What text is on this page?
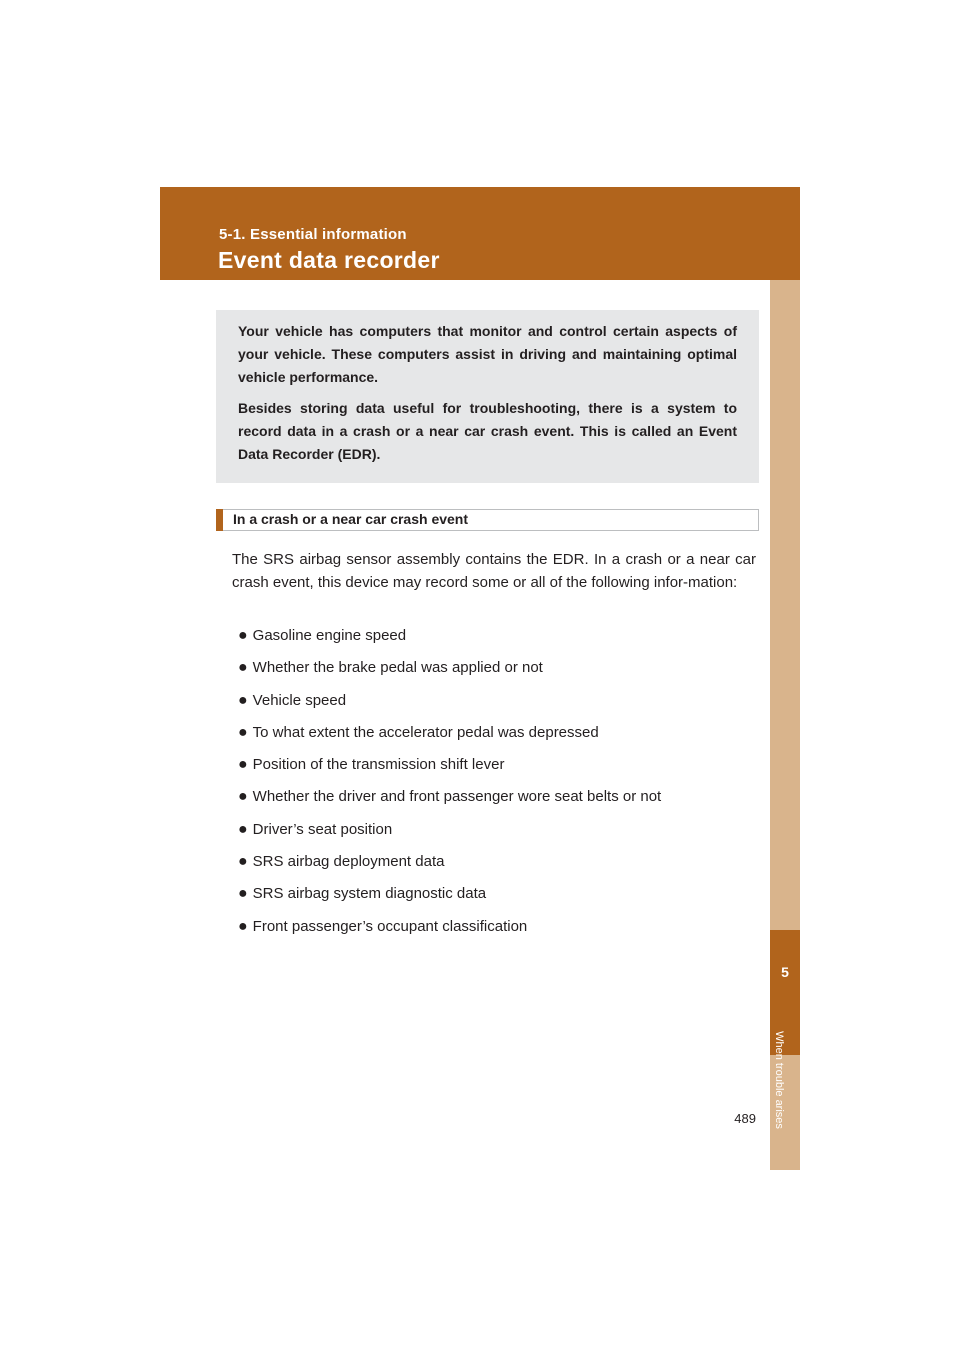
5-1. Essential information
Event data recorder
5
When trouble arises

Your vehicle has computers that monitor and control certain aspects of your vehicle. These computers assist in driving and maintaining optimal vehicle performance.

Besides storing data useful for troubleshooting, there is a system to record data in a crash or a near car crash event. This is called an Event Data Recorder (EDR).

In a crash or a near car crash event

The SRS airbag sensor assembly contains the EDR. In a crash or a near car crash event, this device may record some or all of the following infor-mation:

● Gasoline engine speed
● Whether the brake pedal was applied or not
● Vehicle speed
● To what extent the accelerator pedal was depressed
● Position of the transmission shift lever
● Whether the driver and front passenger wore seat belts or not
● Driver’s seat position
● SRS airbag deployment data
● SRS airbag system diagnostic data
● Front passenger’s occupant classification
489
